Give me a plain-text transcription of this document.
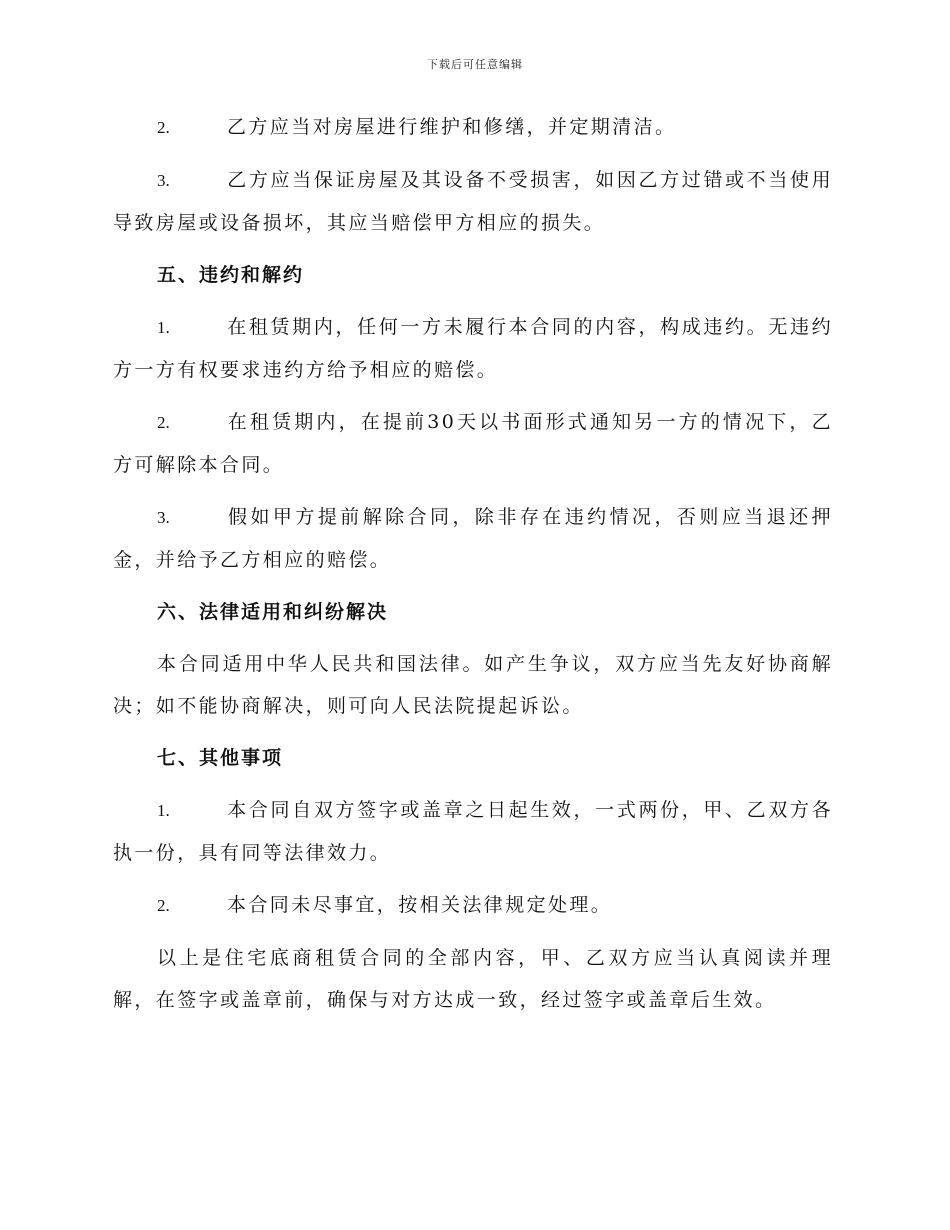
下载后可任意编辑

2.	乙方应当对房屋进行维护和修缮，并定期清洁。

3.	乙方应当保证房屋及其设备不受损害，如因乙方过错或不当使用导致房屋或设备损坏，其应当赔偿甲方相应的损失。

五、违约和解约

1.	在租赁期内，任何一方未履行本合同的内容，构成违约。无违约方一方有权要求违约方给予相应的赔偿。

2.	在租赁期内，在提前30天以书面形式通知另一方的情况下，乙方可解除本合同。

3.	假如甲方提前解除合同，除非存在违约情况，否则应当退还押金，并给予乙方相应的赔偿。

六、法律适用和纠纷解决

本合同适用中华人民共和国法律。如产生争议，双方应当先友好协商解决；如不能协商解决，则可向人民法院提起诉讼。

七、其他事项

1.	本合同自双方签字或盖章之日起生效，一式两份，甲、乙双方各执一份，具有同等法律效力。

2.	本合同未尽事宜，按相关法律规定处理。

以上是住宅底商租赁合同的全部内容，甲、乙双方应当认真阅读并理解，在签字或盖章前，确保与对方达成一致，经过签字或盖章后生效。
